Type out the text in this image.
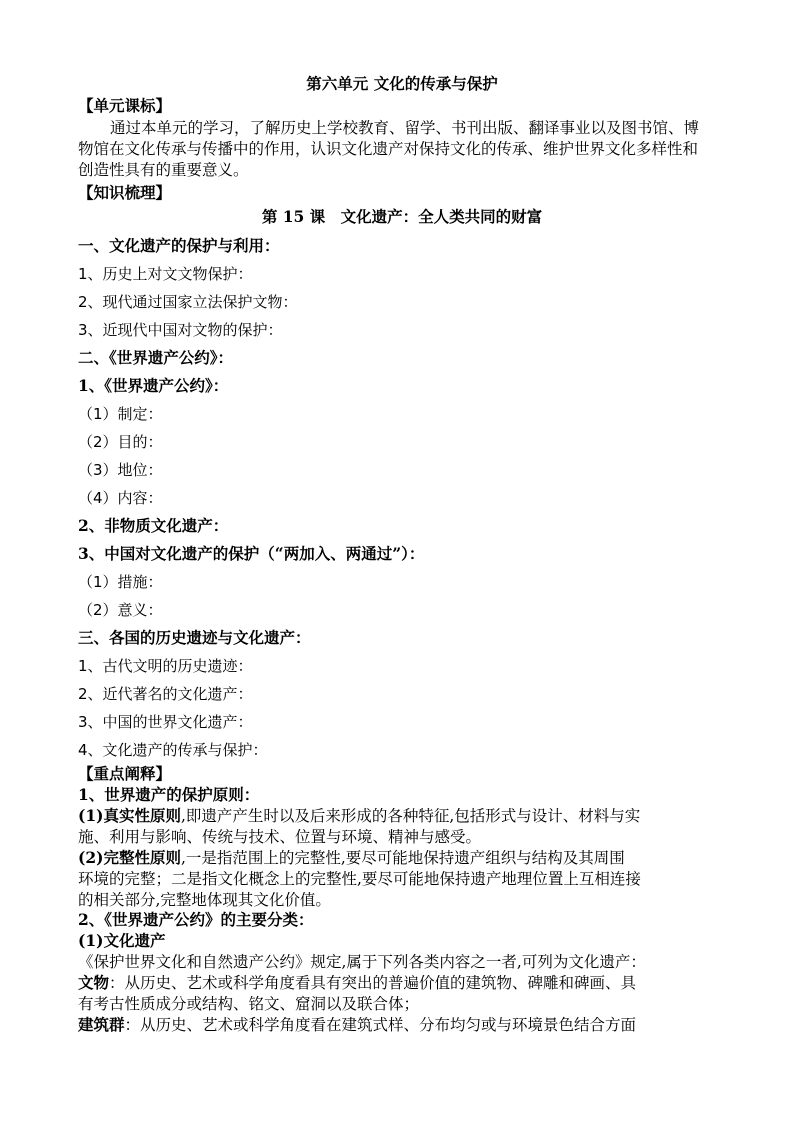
第六单元 文化的传承与保护
【单元课标】
通过本单元的学习，了解历史上学校教育、留学、书刊出版、翻译事业以及图书馆、博
物馆在文化传承与传播中的作用，认识文化遗产对保持文化的传承、维护世界文化多样性和
创造性具有的重要意义。
【知识梳理】
第 15 课　文化遗产：全人类共同的财富
一、文化遗产的保护与利用：
1、历史上对文文物保护：
2、现代通过国家立法保护文物：
3、近现代中国对文物的保护：
二、《世界遗产公约》：
1、《世界遗产公约》：
（1）制定：
（2）目的：
（3）地位：
（4）内容：
2、非物质文化遗产：
3、中国对文化遗产的保护（“两加入、两通过”）：
（1）措施：
（2）意义：
三、各国的历史遗迹与文化遗产：
1、古代文明的历史遗迹：
2、近代著名的文化遗产：
3、中国的世界文化遗产：
4、文化遗产的传承与保护：
【重点阐释】
1、世界遗产的保护原则：
(1)真实性原则,即遗产产生时以及后来形成的各种特征,包括形式与设计、材料与实
施、利用与影响、传统与技术、位置与环境、精神与感受。
(2)完整性原则,一是指范围上的完整性,要尽可能地保持遗产组织与结构及其周围
环境的完整；二是指文化概念上的完整性,要尽可能地保持遗产地理位置上互相连接
的相关部分,完整地体现其文化价值。
2、《世界遗产公约》的主要分类：
(1)文化遗产
《保护世界文化和自然遗产公约》规定,属于下列各类内容之一者,可列为文化遗产：
文物：从历史、艺术或科学角度看具有突出的普遍价值的建筑物、碑雕和碑画、具
有考古性质成分或结构、铭文、窟洞以及联合体；
建筑群：从历史、艺术或科学角度看在建筑式样、分布均匀或与环境景色结合方面
